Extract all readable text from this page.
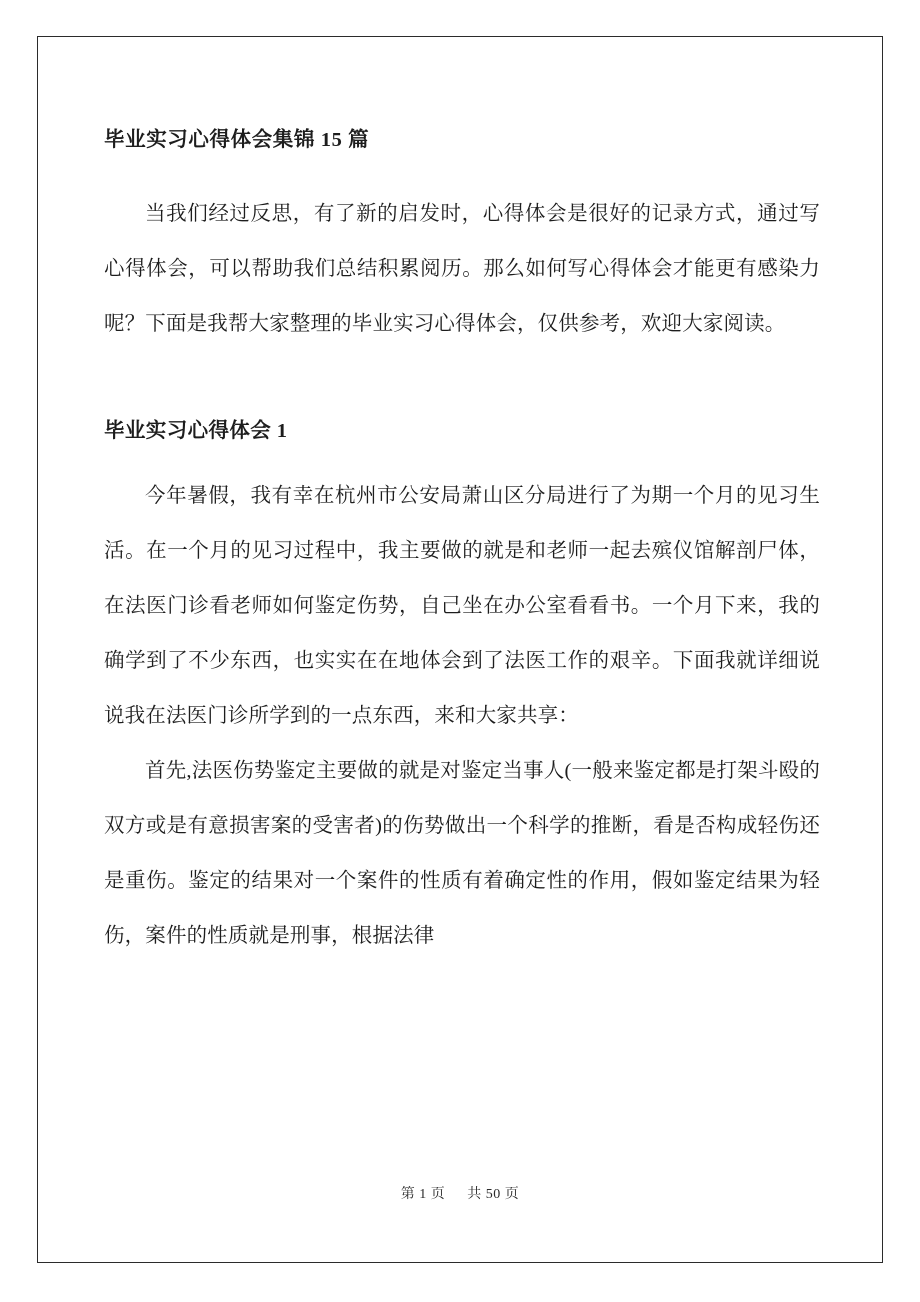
毕业实习心得体会集锦 15 篇

当我们经过反思，有了新的启发时，心得体会是很好的记录方式，通过写心得体会，可以帮助我们总结积累阅历。那么如何写心得体会才能更有感染力呢？下面是我帮大家整理的毕业实习心得体会，仅供参考，欢迎大家阅读。

毕业实习心得体会 1

今年暑假，我有幸在杭州市公安局萧山区分局进行了为期一个月的见习生活。在一个月的见习过程中，我主要做的就是和老师一起去殡仪馆解剖尸体，在法医门诊看老师如何鉴定伤势，自己坐在办公室看看书。一个月下来，我的确学到了不少东西，也实实在在地体会到了法医工作的艰辛。下面我就详细说说我在法医门诊所学到的一点东西，来和大家共享：

首先,法医伤势鉴定主要做的就是对鉴定当事人(一般来鉴定都是打架斗殴的双方或是有意损害案的受害者)的伤势做出一个科学的推断，看是否构成轻伤还是重伤。鉴定的结果对一个案件的性质有着确定性的作用，假如鉴定结果为轻伤，案件的性质就是刑事，根据法律

第 1 页 共 50 页
